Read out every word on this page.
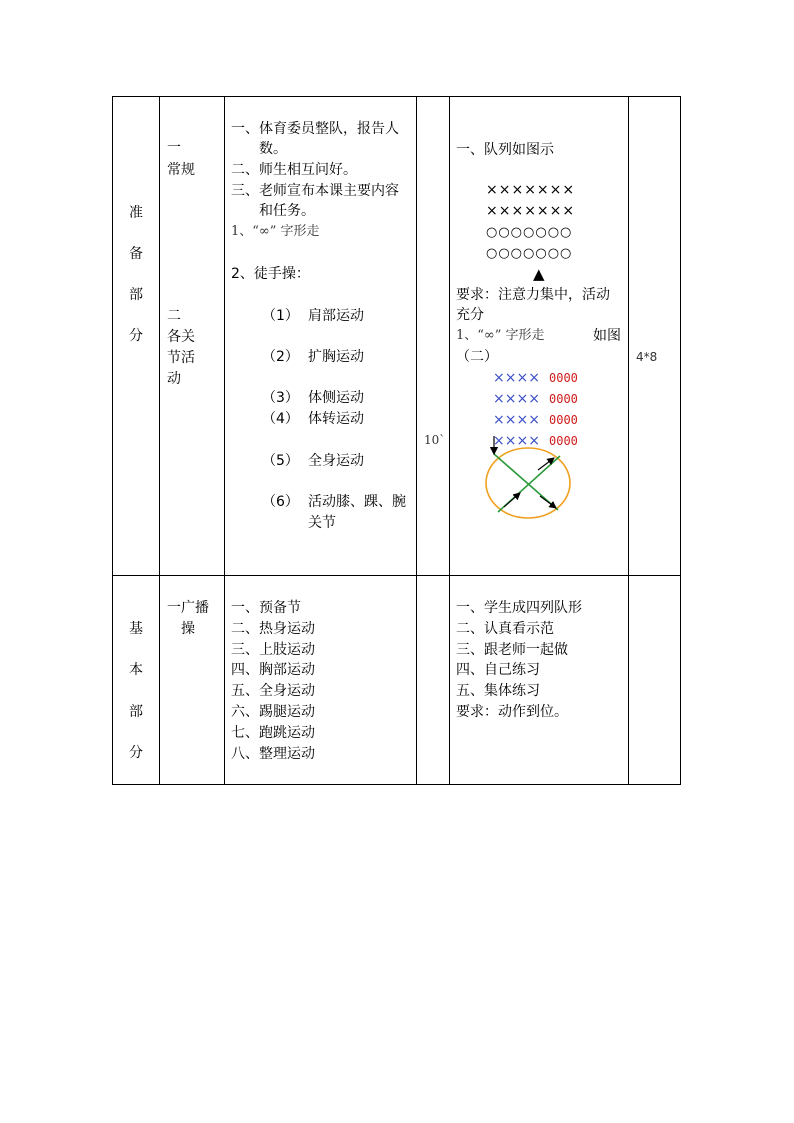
准
备
部
分
一
常规
二
各关
节活
动
一、体育委员整队，报告人
数。
二、师生相互问好。
三、老师宣布本课主要内容
和任务。
1、“∞” 字形走
2、徒手操：
（1） 肩部运动
（2） 扩胸运动
（3） 体侧运动
（4） 体转运动
（5） 全身运动
（6） 活动膝、踝、腕
关节
10`
一、队列如图示
×××××××
×××××××
○○○○○○○
○○○○○○○
▲
要求：注意力集中，活动
充分
1、“∞” 字形走	如图
（二）
×××× 0000
×××× 0000
×××× 0000
×××× 0000
4*8
基
本
部
分
一广播
操
一、预备节
二、热身运动
三、上肢运动
四、胸部运动
五、全身运动
六、踢腿运动
七、跑跳运动
八、整理运动
一、学生成四列队形
二、认真看示范
三、跟老师一起做
四、自己练习
五、集体练习
要求：动作到位。
